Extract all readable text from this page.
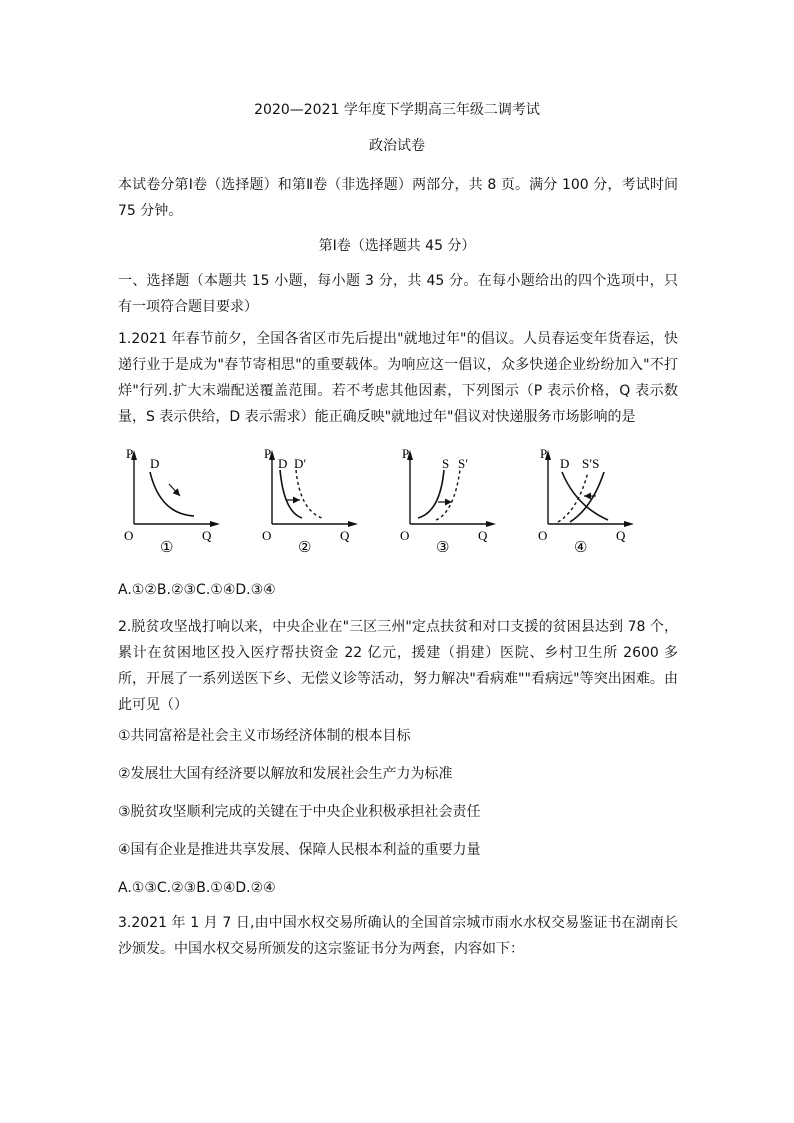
2020—2021 学年度下学期高三年级二调考试
政治试卷
本试卷分第Ⅰ卷（选择题）和第Ⅱ卷（非选择题）两部分，共 8 页。满分 100 分，考试时间 75 分钟。
第Ⅰ卷（选择题共 45 分）
一、选择题（本题共 15 小题，每小题 3 分，共 45 分。在每小题给出的四个选项中，只有一项符合题目要求）
1.2021 年春节前夕，全国各省区市先后提出"就地过年"的倡议。人员春运变年货春运，快递行业于是成为"春节寄相思"的重要载体。为响应这一倡议，众多快递企业纷纷加入"不打烊"行列.扩大末端配送覆盖范围。若不考虑其他因素，下列图示（P 表示价格，Q 表示数量，S 表示供给，D 表示需求）能正确反映"就地过年"倡议对快递服务市场影响的是
P
O	Q
D
①
P
O	Q
D D′
②
P
O	Q
S S′
③
P
O	Q
D S′S
④
A.①②B.②③C.①④D.③④
2.脱贫攻坚战打响以来，中央企业在"三区三州"定点扶贫和对口支援的贫困县达到 78 个，累计在贫困地区投入医疗帮扶资金 22 亿元，援建（捐建）医院、乡村卫生所 2600 多所，开展了一系列送医下乡、无偿义诊等活动，努力解决"看病难""看病远"等突出困难。由此可见（）
①共同富裕是社会主义市场经济体制的根本目标
②发展壮大国有经济要以解放和发展社会生产力为标准
③脱贫攻坚顺利完成的关键在于中央企业积极承担社会责任
④国有企业是推进共享发展、保障人民根本利益的重要力量
A.①③C.②③B.①④D.②④
3.2021 年 1 月 7 日,由中国水权交易所确认的全国首宗城市雨水水权交易鉴证书在湖南长沙颁发。中国水权交易所颁发的这宗鉴证书分为两套，内容如下：
